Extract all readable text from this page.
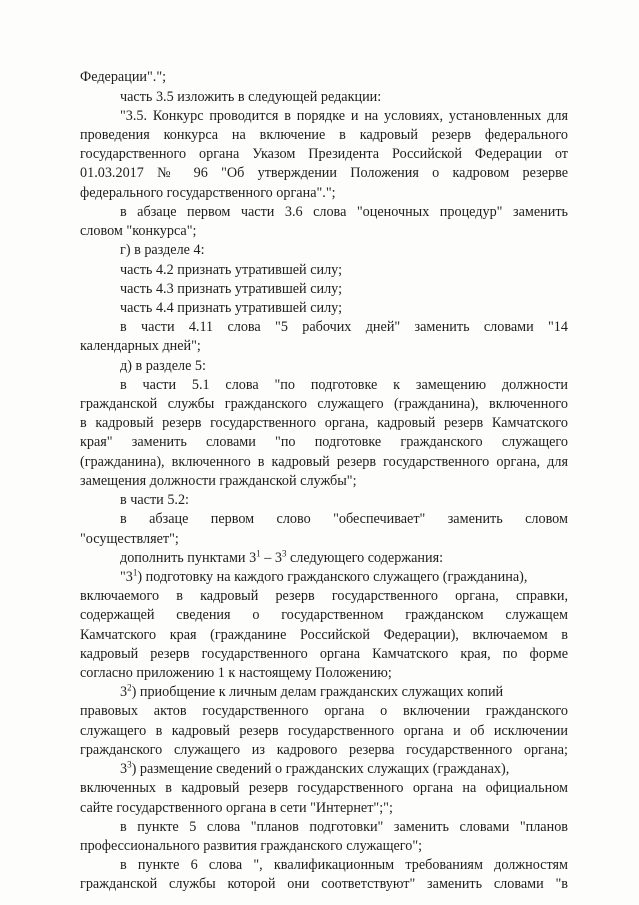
Федерации".";
часть 3.5 изложить в следующей редакции:
"3.5. Конкурс проводится в порядке и на условиях, установленных для
проведения конкурса на включение в кадровый резерв федерального
государственного органа Указом Президента Российской Федерации от
01.03.2017 № 96 "Об утверждении Положения о кадровом резерве
федерального государственного органа".";
в абзаце первом части 3.6 слова "оценочных процедур" заменить
словом "конкурса";
г) в разделе 4:
часть 4.2 признать утратившей силу;
часть 4.3 признать утратившей силу;
часть 4.4 признать утратившей силу;
в части 4.11 слова "5 рабочих дней" заменить словами "14
календарных дней";
д) в разделе 5:
в части 5.1 слова "по подготовке к замещению должности
гражданской службы гражданского служащего (гражданина), включенного
в кадровый резерв государственного органа, кадровый резерв Камчатского
края" заменить словами "по подготовке гражданского служащего
(гражданина), включенного в кадровый резерв государственного органа, для
замещения должности гражданской службы";
в части 5.2:
в абзаце первом слово "обеспечивает" заменить словом
"осуществляет";
дополнить пунктами $3^1 - 3^3$ следующего содержания:
"$3^1$) подготовку на каждого гражданского служащего (гражданина),
включаемого в кадровый резерв государственного органа, справки,
содержащей сведения о государственном гражданском служащем
Камчатского края (гражданине Российской Федерации), включаемом в
кадровый резерв государственного органа Камчатского края, по форме
согласно приложению 1 к настоящему Положению;
$3^2$) приобщение к личным делам гражданских служащих копий
правовых актов государственного органа о включении гражданского
служащего в кадровый резерв государственного органа и об исключении
гражданского служащего из кадрового резерва государственного органа;
$3^3$) размещение сведений о гражданских служащих (гражданах),
включенных в кадровый резерв государственного органа на официальном
сайте государственного органа в сети "Интернет";";
в пункте 5 слова "планов подготовки" заменить словами "планов
профессионального развития гражданского служащего";
в пункте 6 слова ", квалификационным требованиям должностям
гражданской службы которой они соответствуют" заменить словами "в
